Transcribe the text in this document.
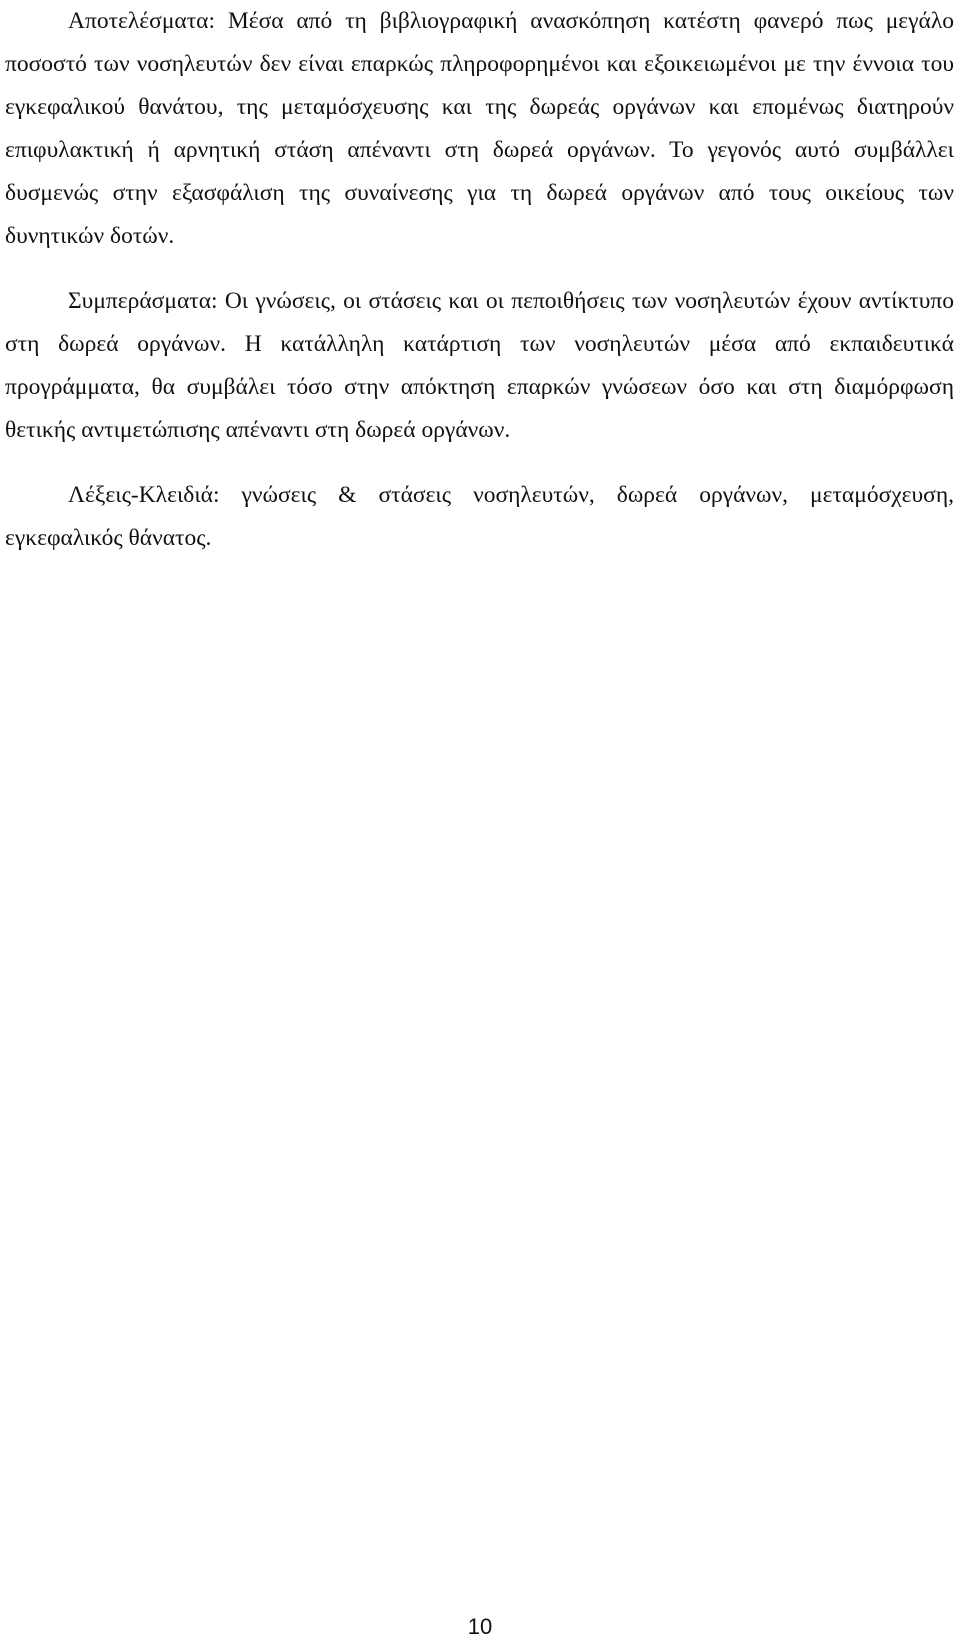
Αποτελέσματα: Μέσα από τη βιβλιογραφική ανασκόπηση κατέστη φανερό πως μεγάλο ποσοστό των νοσηλευτών δεν είναι επαρκώς πληροφορημένοι και εξοικειωμένοι με την έννοια του εγκεφαλικού θανάτου, της μεταμόσχευσης και της δωρεάς οργάνων και επομένως διατηρούν επιφυλακτική ή αρνητική στάση απέναντι στη δωρεά οργάνων. Το γεγονός αυτό συμβάλλει δυσμενώς στην εξασφάλιση της συναίνεσης για τη δωρεά οργάνων από τους οικείους των δυνητικών δοτών.

Συμπεράσματα: Οι γνώσεις, οι στάσεις και οι πεποιθήσεις των νοσηλευτών έχουν αντίκτυπο στη δωρεά οργάνων. Η κατάλληλη κατάρτιση των νοσηλευτών μέσα από εκπαιδευτικά προγράμματα, θα συμβάλει τόσο στην απόκτηση επαρκών γνώσεων όσο και στη διαμόρφωση θετικής αντιμετώπισης απέναντι στη δωρεά οργάνων.

Λέξεις-Κλειδιά: γνώσεις & στάσεις νοσηλευτών, δωρεά οργάνων, μεταμόσχευση, εγκεφαλικός θάνατος.

10
